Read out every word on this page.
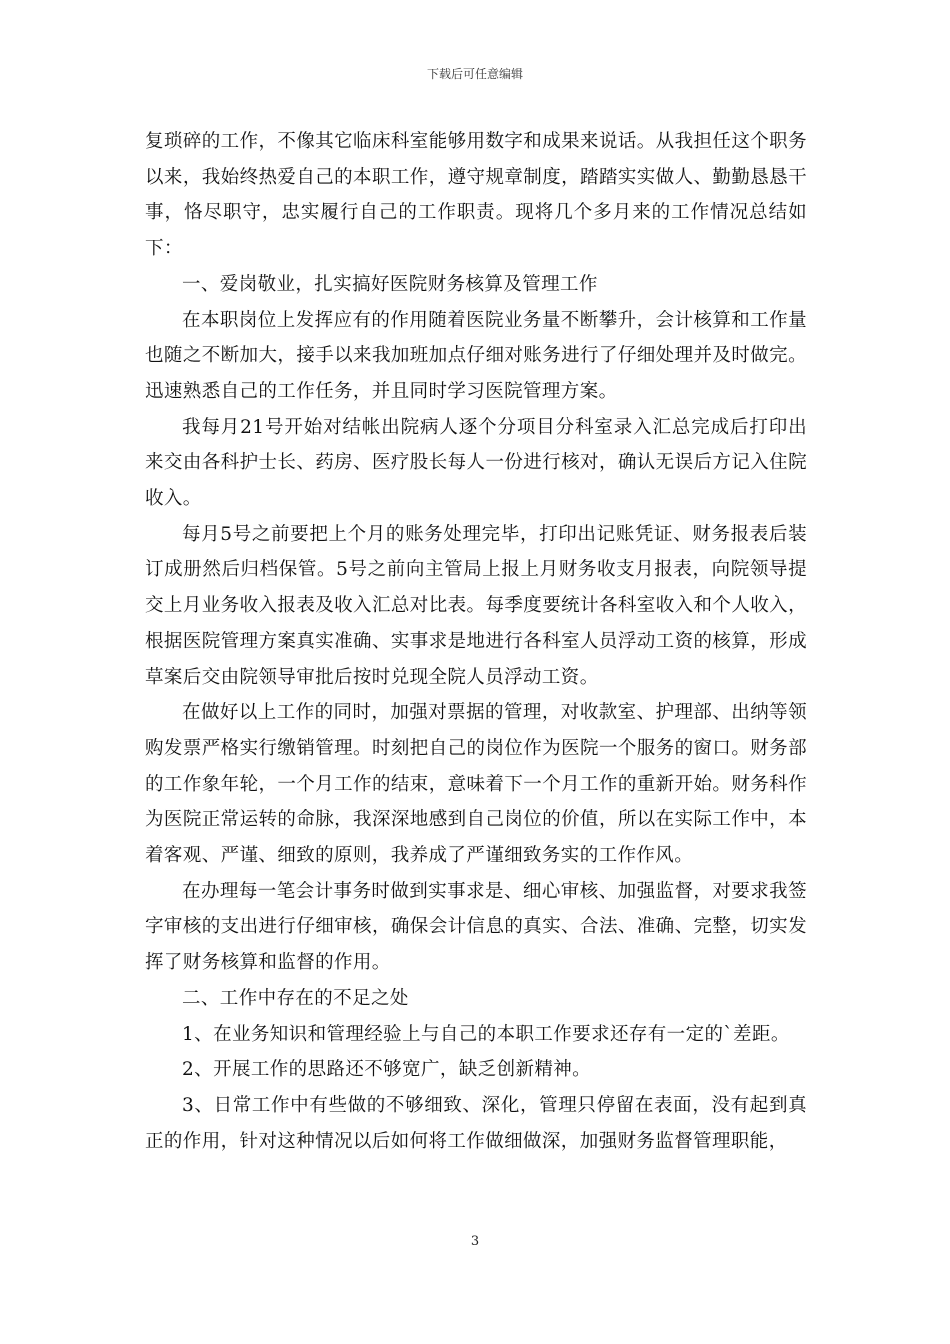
下载后可任意编辑

复琐碎的工作，不像其它临床科室能够用数字和成果来说话。从我担任这个职务以来，我始终热爱自己的本职工作，遵守规章制度，踏踏实实做人、勤勤恳恳干事，恪尽职守，忠实履行自己的工作职责。现将几个多月来的工作情况总结如下：

一、爱岗敬业，扎实搞好医院财务核算及管理工作

在本职岗位上发挥应有的作用随着医院业务量不断攀升，会计核算和工作量也随之不断加大，接手以来我加班加点仔细对账务进行了仔细处理并及时做完。迅速熟悉自己的工作任务，并且同时学习医院管理方案。

我每月21号开始对结帐出院病人逐个分项目分科室录入汇总完成后打印出来交由各科护士长、药房、医疗股长每人一份进行核对，确认无误后方记入住院收入。

每月5号之前要把上个月的账务处理完毕，打印出记账凭证、财务报表后装订成册然后归档保管。5号之前向主管局上报上月财务收支月报表，向院领导提交上月业务收入报表及收入汇总对比表。每季度要统计各科室收入和个人收入，根据医院管理方案真实准确、实事求是地进行各科室人员浮动工资的核算，形成草案后交由院领导审批后按时兑现全院人员浮动工资。

在做好以上工作的同时，加强对票据的管理，对收款室、护理部、出纳等领购发票严格实行缴销管理。时刻把自己的岗位作为医院一个服务的窗口。财务部的工作象年轮，一个月工作的结束，意味着下一个月工作的重新开始。财务科作为医院正常运转的命脉，我深深地感到自己岗位的价值，所以在实际工作中，本着客观、严谨、细致的原则，我养成了严谨细致务实的工作作风。

在办理每一笔会计事务时做到实事求是、细心审核、加强监督，对要求我签字审核的支出进行仔细审核，确保会计信息的真实、合法、准确、完整，切实发挥了财务核算和监督的作用。

二、工作中存在的不足之处

1、在业务知识和管理经验上与自己的本职工作要求还存有一定的`差距。

2、开展工作的思路还不够宽广，缺乏创新精神。

3、日常工作中有些做的不够细致、深化，管理只停留在表面，没有起到真正的作用，针对这种情况以后如何将工作做细做深，加强财务监督管理职能，

3
